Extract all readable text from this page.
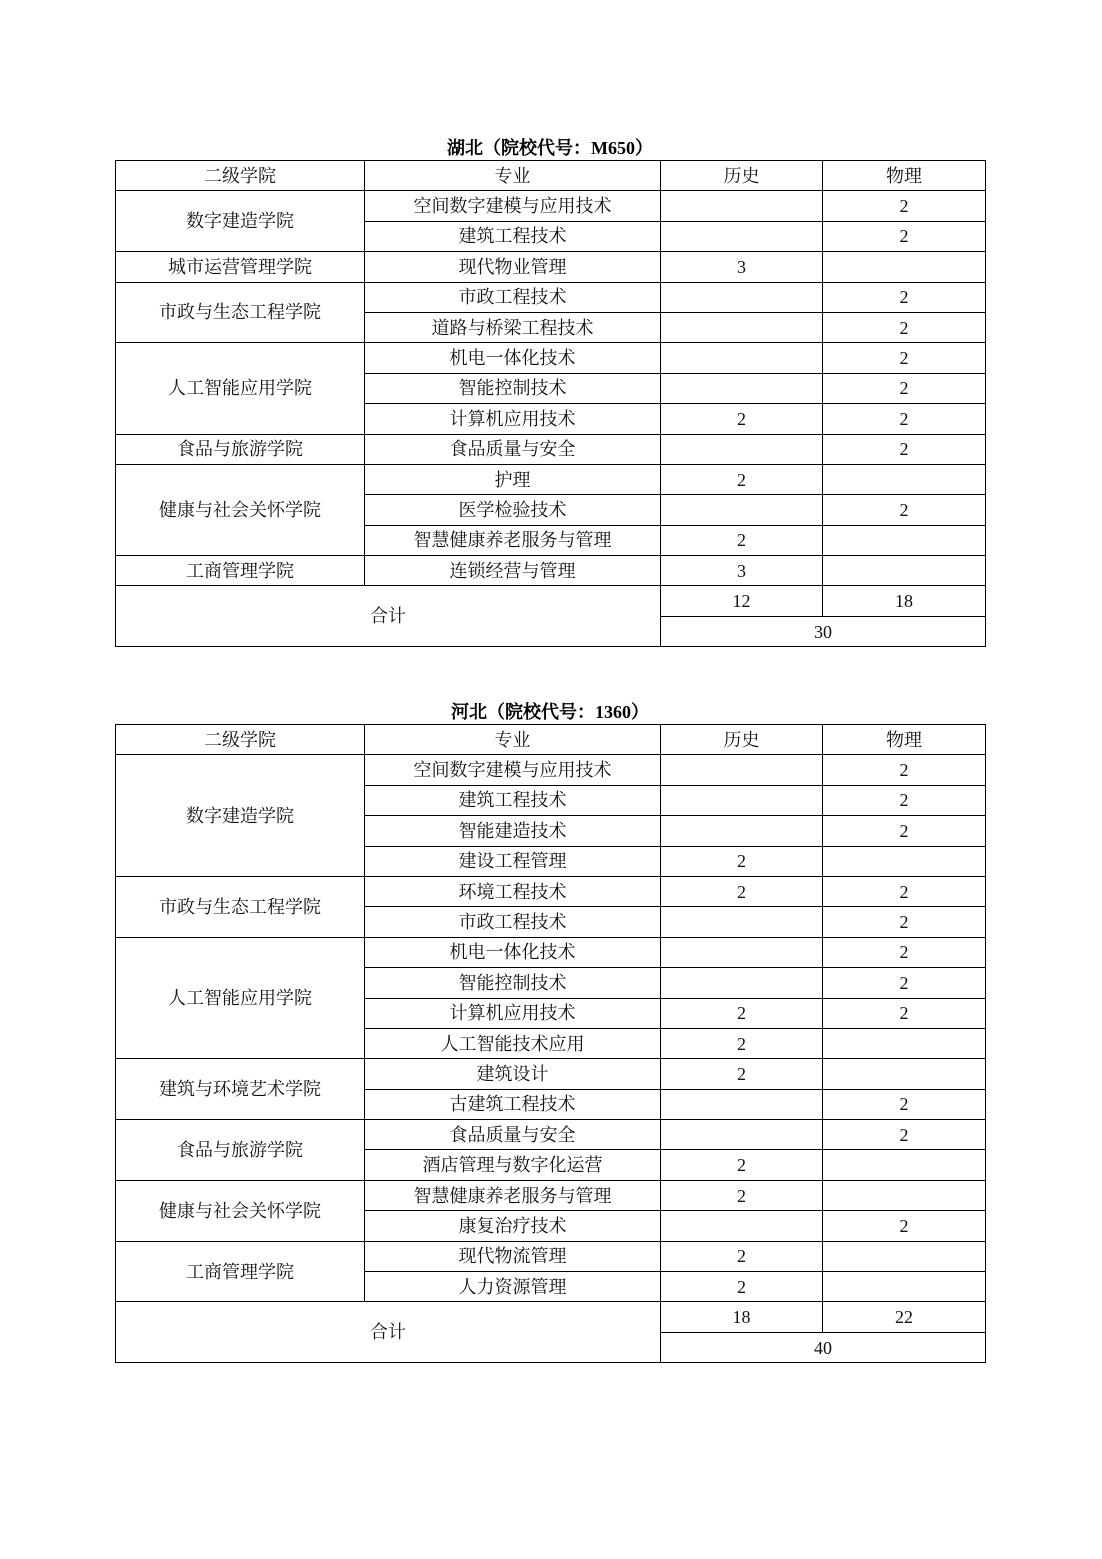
湖北（院校代号：M650）
二级学院	专业	历史	物理
数字建造学院	空间数字建模与应用技术		2
	建筑工程技术		2
城市运营管理学院	现代物业管理	3	
市政与生态工程学院	市政工程技术		2
	道路与桥梁工程技术		2
人工智能应用学院	机电一体化技术		2
	智能控制技术		2
	计算机应用技术	2	2
食品与旅游学院	食品质量与安全		2
健康与社会关怀学院	护理	2	
	医学检验技术		2
	智慧健康养老服务与管理	2	
工商管理学院	连锁经营与管理	3	
合计		12	18
		30	
河北（院校代号：1360）
二级学院	专业	历史	物理
数字建造学院	空间数字建模与应用技术		2
	建筑工程技术		2
	智能建造技术		2
	建设工程管理	2	
市政与生态工程学院	环境工程技术	2	2
	市政工程技术		2
人工智能应用学院	机电一体化技术		2
	智能控制技术		2
	计算机应用技术	2	2
	人工智能技术应用	2	
建筑与环境艺术学院	建筑设计	2	
	古建筑工程技术		2
食品与旅游学院	食品质量与安全		2
	酒店管理与数字化运营	2	
健康与社会关怀学院	智慧健康养老服务与管理	2	
	康复治疗技术		2
工商管理学院	现代物流管理	2	
	人力资源管理	2	
合计		18	22
		40	
